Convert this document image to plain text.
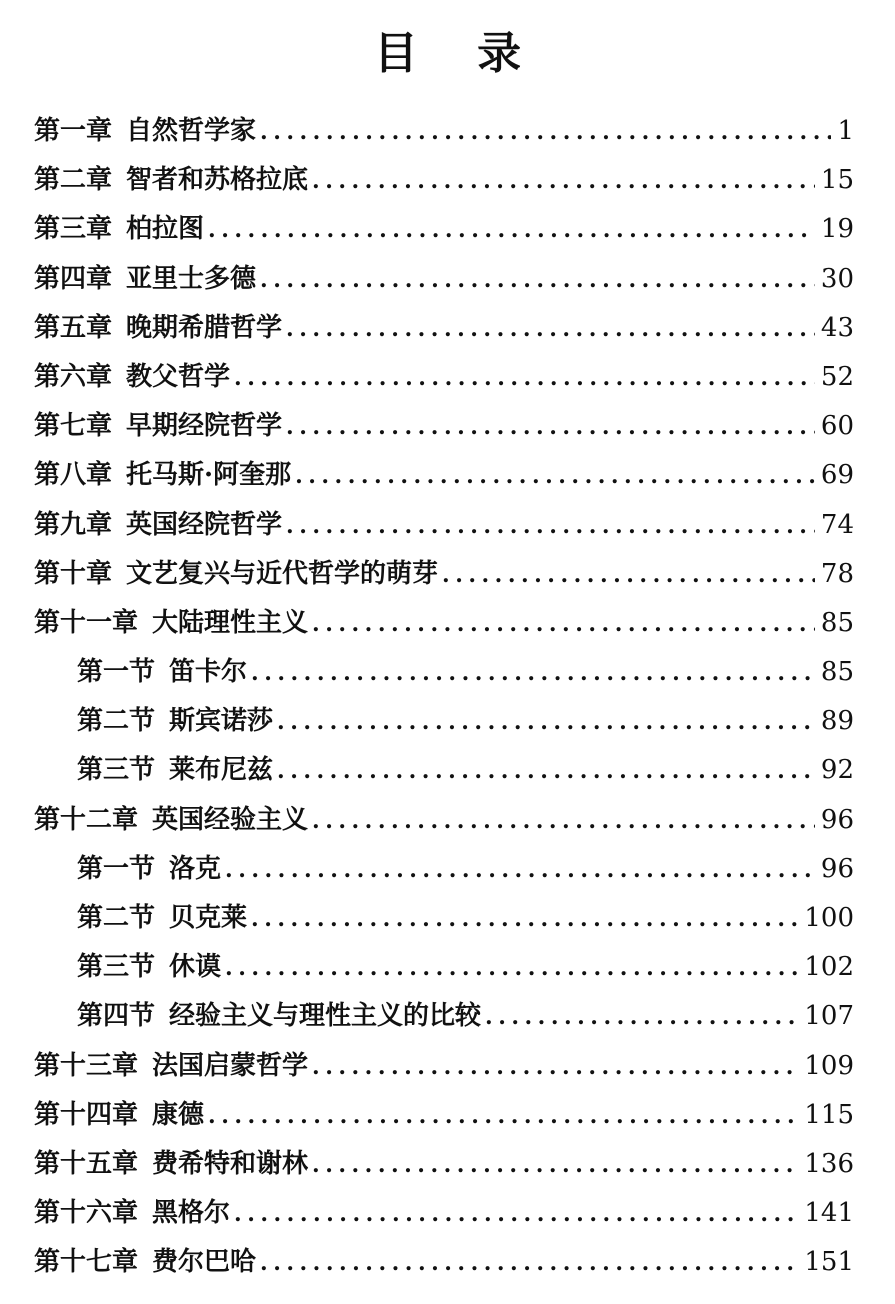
目 录
第一章 自然哲学家 .....	1
第二章 智者和苏格拉底 .....	15
第三章 柏拉图 .....	19
第四章 亚里士多德 .....	30
第五章 晚期希腊哲学 .....	43
第六章 教父哲学 .....	52
第七章 早期经院哲学 .....	60
第八章 托马斯·阿奎那 .....	69
第九章 英国经院哲学 .....	74
第十章 文艺复兴与近代哲学的萌芽 .....	78
第十一章 大陆理性主义 .....	85
第一节 笛卡尔 .....	85
第二节 斯宾诺莎 .....	89
第三节 莱布尼兹 .....	92
第十二章 英国经验主义 .....	96
第一节 洛克 .....	96
第二节 贝克莱 .....	100
第三节 休谟 .....	102
第四节 经验主义与理性主义的比较 .....	107
第十三章 法国启蒙哲学 .....	109
第十四章 康德 .....	115
第十五章 费希特和谢林 .....	136
第十六章 黑格尔 .....	141
第十七章 费尔巴哈 .....	151
